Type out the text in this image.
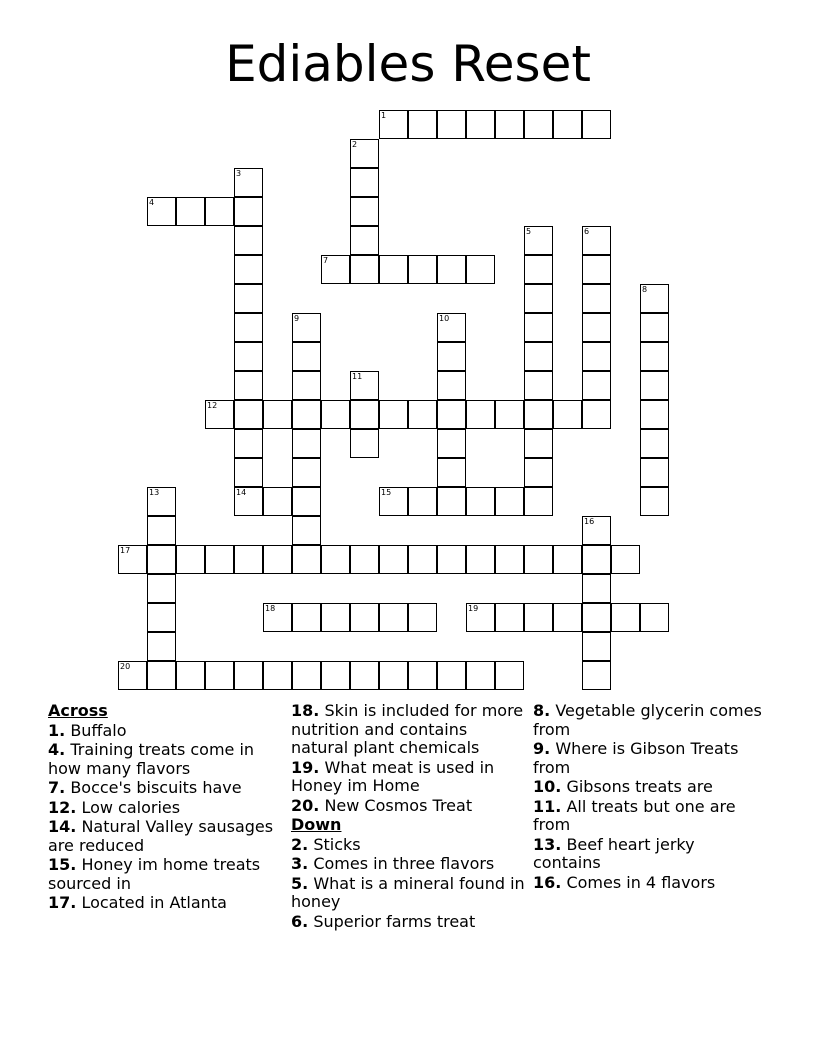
Ediables Reset
1
2
3
4
5	6
7
8
9	10
11
12
13	14	15
16
17
18	19
20
Across
1. Buffalo
4. Training treats come in how many flavors
7. Bocce's biscuits have
12. Low calories
14. Natural Valley sausages are reduced
15. Honey im home treats sourced in
17. Located in Atlanta
18. Skin is included for more nutrition and contains natural plant chemicals
19. What meat is used in Honey im Home
20. New Cosmos Treat
Down
2. Sticks
3. Comes in three flavors
5. What is a mineral found in honey
6. Superior farms treat
8. Vegetable glycerin comes from
9. Where is Gibson Treats from
10. Gibsons treats are
11. All treats but one are from
13. Beef heart jerky contains
16. Comes in 4 flavors
